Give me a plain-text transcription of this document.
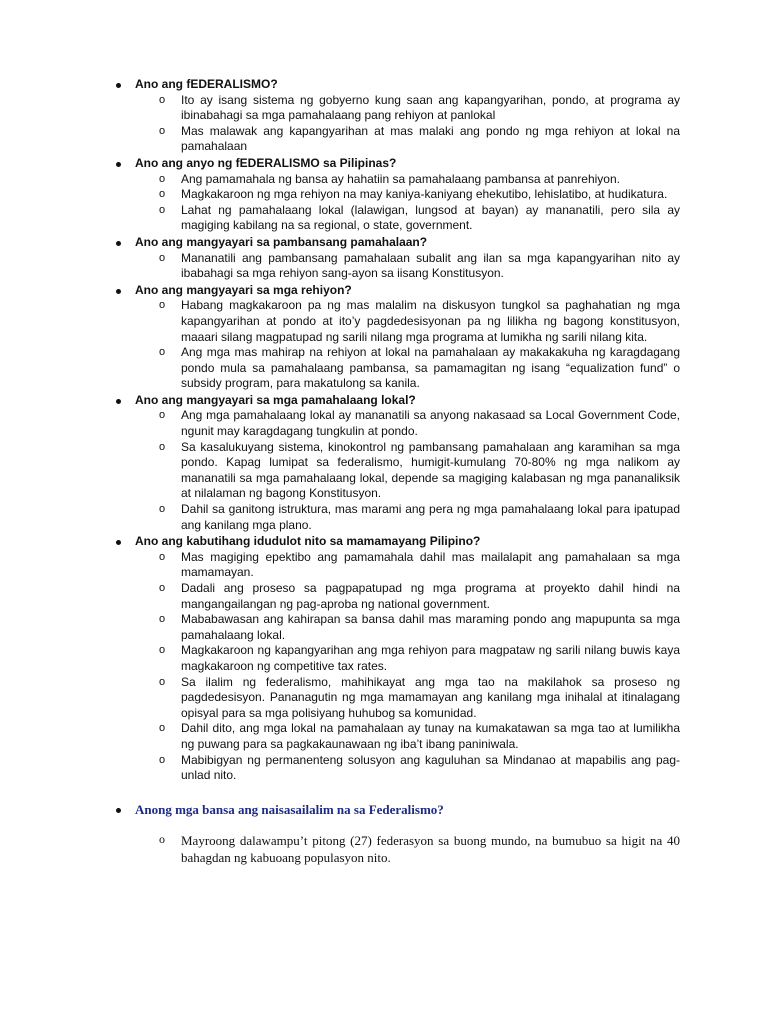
Ano ang fEDERALISMO?
o Ito ay isang sistema ng gobyerno kung saan ang kapangyarihan, pondo, at programa ay ibinabahagi sa mga pamahalaang pang rehiyon at panlokal
o Mas malawak ang kapangyarihan at mas malaki ang pondo ng mga rehiyon at lokal na pamahalaan
Ano ang anyo ng fEDERALISMO sa Pilipinas?
o Ang pamamahala ng bansa ay hahatiin sa pamahalaang pambansa at panrehiyon.
o Magkakaroon ng mga rehiyon na may kaniya-kaniyang ehekutibo, lehislatibo, at hudikatura.
o Lahat ng pamahalaang lokal (lalawigan, lungsod at bayan) ay mananatili, pero sila ay magiging kabilang na sa regional, o state, government.
Ano ang mangyayari sa pambansang pamahalaan?
o Mananatili ang pambansang pamahalaan subalit ang ilan sa mga kapangyarihan nito ay ibabahagi sa mga rehiyon sang-ayon sa iisang Konstitusyon.
Ano ang mangyayari sa mga rehiyon?
o Habang magkakaroon pa ng mas malalim na diskusyon tungkol sa paghahatian ng mga kapangyarihan at pondo at ito’y pagdedesisyonan pa ng lilikha ng bagong konstitusyon, maaari silang magpatupad ng sarili nilang mga programa at lumikha ng sarili nilang kita.
o Ang mga mas mahirap na rehiyon at lokal na pamahalaan ay makakakuha ng karagdagang pondo mula sa pamahalaang pambansa, sa pamamagitan ng isang “equalization fund” o subsidy program, para makatulong sa kanila.
Ano ang mangyayari sa mga pamahalaang lokal?
o Ang mga pamahalaang lokal ay mananatili sa anyong nakasaad sa Local Government Code, ngunit may karagdagang tungkulin at pondo.
o Sa kasalukuyang sistema, kinokontrol ng pambansang pamahalaan ang karamihan sa mga pondo. Kapag lumipat sa federalismo, humigit-kumulang 70-80% ng mga nalikom ay mananatili sa mga pamahalaang lokal, depende sa magiging kalabasan ng mga pananaliksik at nilalaman ng bagong Konstitusyon.
o Dahil sa ganitong istruktura, mas marami ang pera ng mga pamahalaang lokal para ipatupad ang kanilang mga plano.
Ano ang kabutihang idudulot nito sa mamamayang Pilipino?
o Mas magiging epektibo ang pamamahala dahil mas mailalapit ang pamahalaan sa mga mamamayan.
o Dadali ang proseso sa pagpapatupad ng mga programa at proyekto dahil hindi na mangangailangan ng pag-aproba ng national government.
o Mababawasan ang kahirapan sa bansa dahil mas maraming pondo ang mapupunta sa mga pamahalaang lokal.
o Magkakaroon ng kapangyarihan ang mga rehiyon para magpataw ng sarili nilang buwis kaya magkakaroon ng competitive tax rates.
o Sa ilalim ng federalismo, mahihikayat ang mga tao na makilahok sa proseso ng pagdedesisyon. Pananagutin ng mga mamamayan ang kanilang mga inihalal at itinalagang opisyal para sa mga polisiyang huhubog sa komunidad.
o Dahil dito, ang mga lokal na pamahalaan ay tunay na kumakatawan sa mga tao at lumilikha ng puwang para sa pagkakaunawaan ng iba’t ibang paniniwala.
o Mabibigyan ng permanenteng solusyon ang kaguluhan sa Mindanao at mapabilis ang pag-unlad nito.
Anong mga bansa ang naisasailalim na sa Federalismo?
o Mayroong dalawampu’t pitong (27) federasyon sa buong mundo, na bumubuo sa higit na 40 bahagdan ng kabuoang populasyon nito.
